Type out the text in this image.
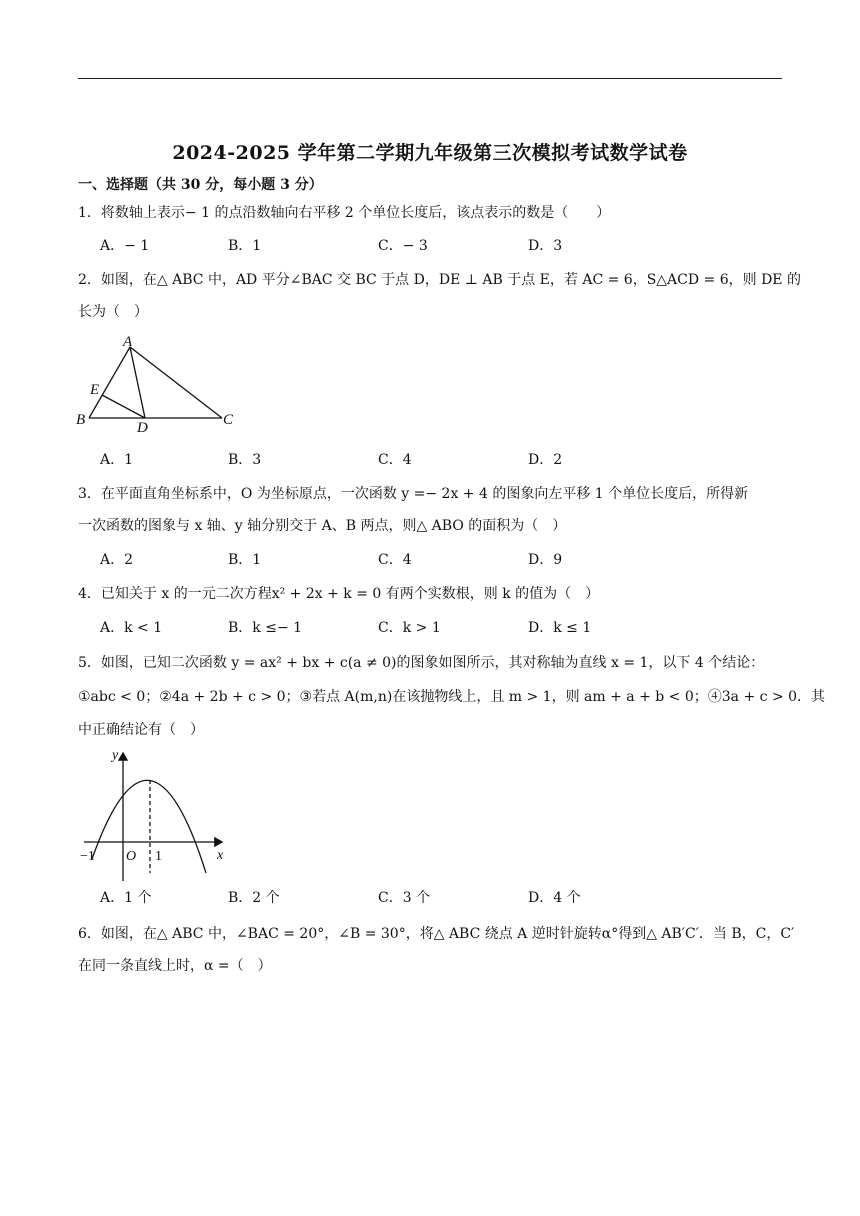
2024-2025 学年第二学期九年级第三次模拟考试数学试卷
一、选择题（共 30 分，每小题 3 分）
1．将数轴上表示− 1 的点沿数轴向右平移 2 个单位长度后，该点表示的数是（　　）
A．− 1	B．1	C．− 3	D．3
2．如图，在△ ABC 中，AD 平分∠BAC 交 BC 于点 D，DE ⊥ AB 于点 E，若 AC = 6，S△ACD = 6，则 DE 的
长为（　）
A
E
B	D	C
A．1	B．3	C．4	D．2
3．在平面直角坐标系中，O 为坐标原点，一次函数 y =− 2x + 4 的图象向左平移 1 个单位长度后，所得新
一次函数的图象与 x 轴、y 轴分别交于 A、B 两点，则△ ABO 的面积为（　）
A．2	B．1	C．4	D．9
4．已知关于 x 的一元二次方程x² + 2x + k = 0 有两个实数根，则 k 的值为（　）
A．k < 1	B．k ≤− 1	C．k > 1	D．k ≤ 1
5．如图，已知二次函数 y = ax² + bx + c(a ≠ 0)的图象如图所示，其对称轴为直线 x = 1，以下 4 个结论：
①abc < 0；②4a + 2b + c > 0；③若点 A(m,n)在该抛物线上，且 m > 1，则 am + a + b < 0；④3a + c > 0．其
中正确结论有（　）
y
x
O
−1	1
A．1 个	B．2 个	C．3 个	D．4 个
6．如图，在△ ABC 中，∠BAC = 20°，∠B = 30°，将△ ABC 绕点 A 逆时针旋转α°得到△ AB′C′．当 B，C，C′
在同一条直线上时，α =（　）
